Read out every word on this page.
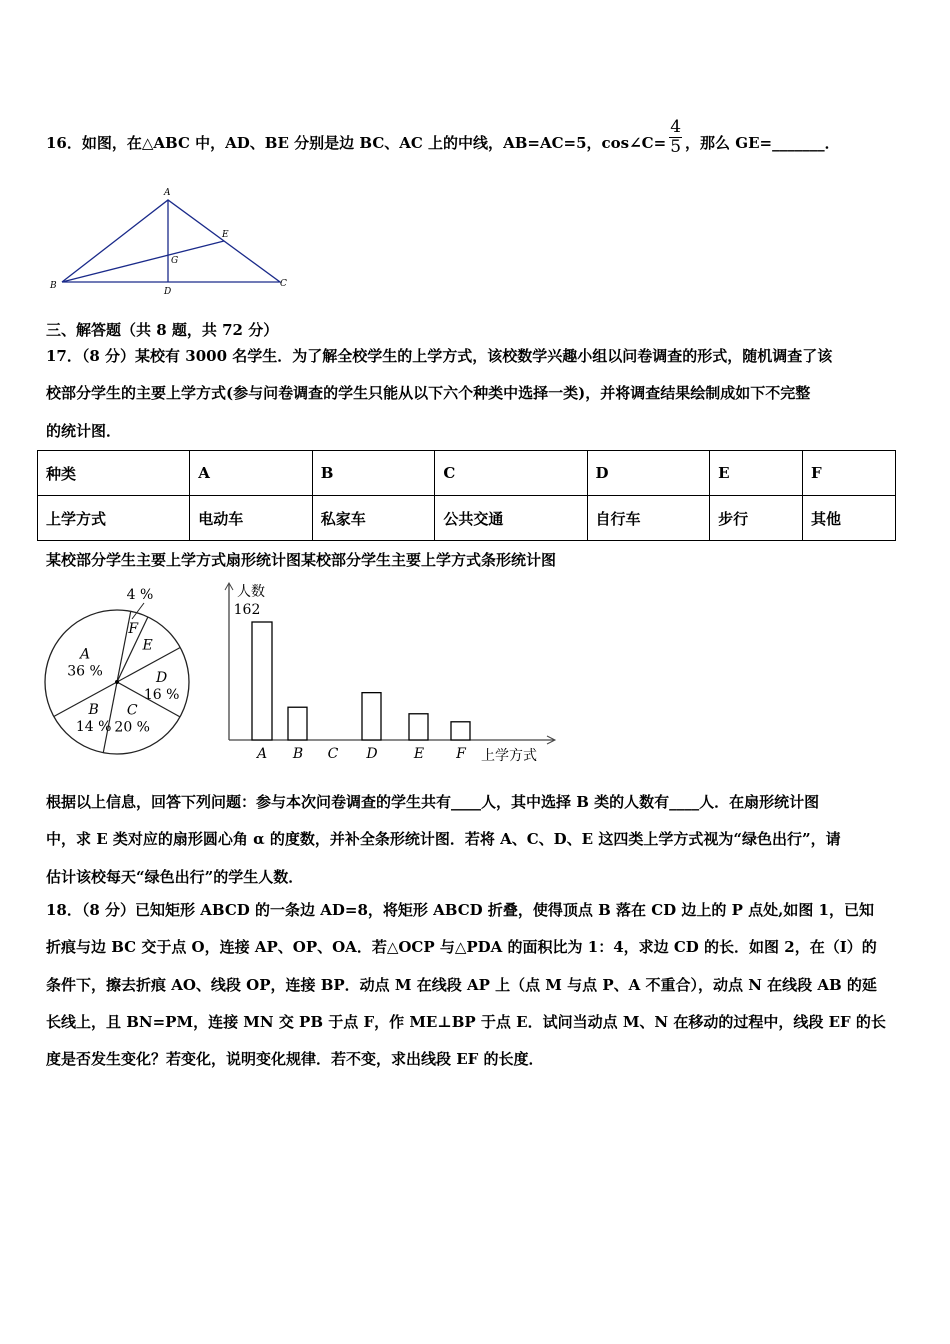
16．如图，在△ABC 中，AD、BE 分别是边 BC、AC 上的中线，AB=AC=5，cos∠C= $\frac{4}{5}$ ，那么 GE=_______．
A
B	C
D
E
G
三、解答题（共 8 题，共 72 分）
17．（8 分）某校有 3000 名学生．为了解全校学生的上学方式，该校数学兴趣小组以问卷调查的形式，随机调查了该
校部分学生的主要上学方式(参与问卷调查的学生只能从以下六个种类中选择一类)，并将调查结果绘制成如下不完整
的统计图．
种类	A	B	C	D	E	F
上学方式	电动车	私家车	公共交通	自行车	步行	其他
某校部分学生主要上学方式扇形统计图某校部分学生主要上学方式条形统计图
F
E
D
16 %
C
20 %
B
14 %
A
36 %
4 %	人数
162
上学方式
A B C D	E F
根据以上信息，回答下列问题：参与本次问卷调查的学生共有____人，其中选择 B 类的人数有____人．在扇形统计图
中，求 E 类对应的扇形圆心角 α 的度数，并补全条形统计图．若将 A、C、D、E 这四类上学方式视为“绿色出行”，请
估计该校每天“绿色出行”的学生人数．
18．（8 分）已知矩形 ABCD 的一条边 AD=8，将矩形 ABCD 折叠，使得顶点 B 落在 CD 边上的 P 点处,如图 1，已知
折痕与边 BC 交于点 O，连接 AP、OP、OA．若△OCP 与△PDA 的面积比为 1：4，求边 CD 的长．如图 2，在（Ⅰ）的
条件下，擦去折痕 AO、线段 OP，连接 BP．动点 M 在线段 AP 上（点 M 与点 P、A 不重合），动点 N 在线段 AB 的延
长线上，且 BN=PM，连接 MN 交 PB 于点 F，作 ME⊥BP 于点 E．试问当动点 M、N 在移动的过程中，线段 EF 的长
度是否发生变化？若变化，说明变化规律．若不变，求出线段 EF 的长度．
